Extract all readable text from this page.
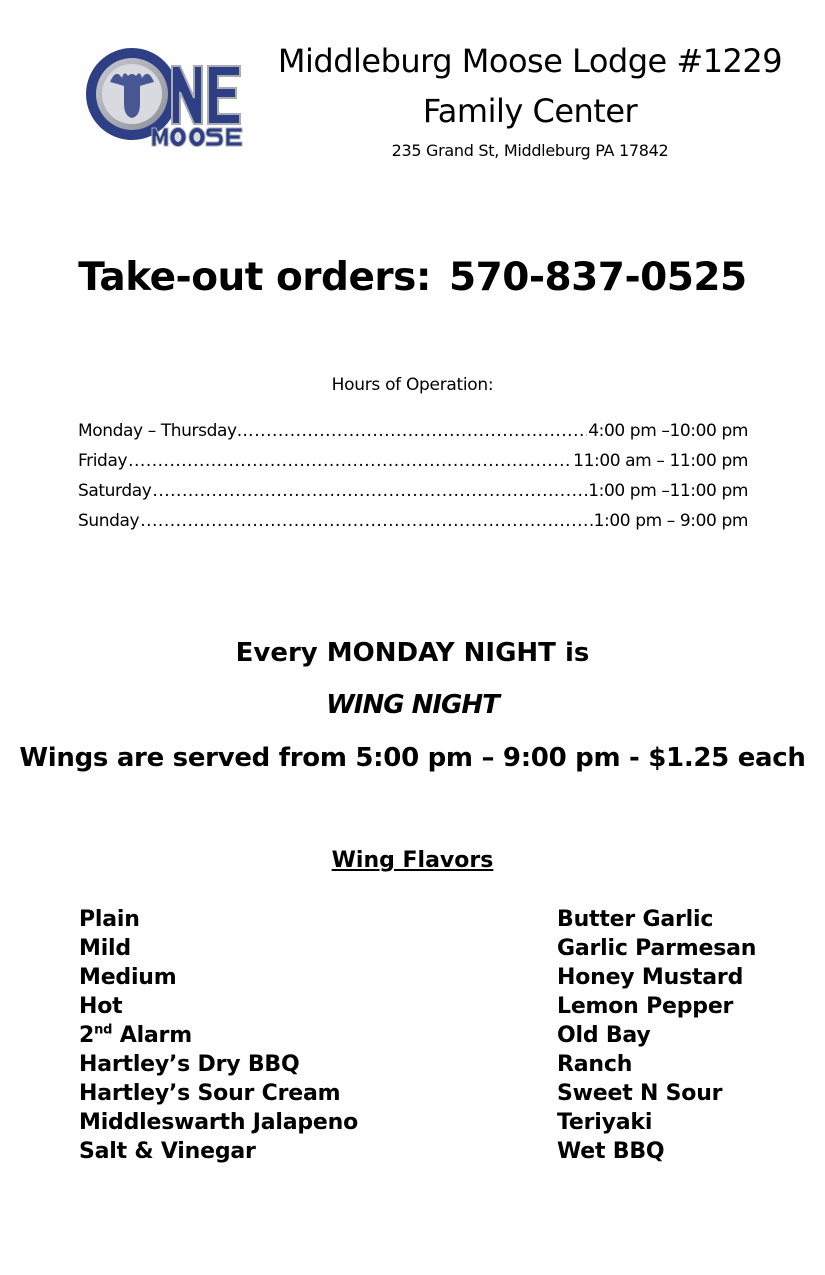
Middleburg Moose Lodge #1229
Family Center
235 Grand St, Middleburg PA 17842
Take-out orders: 570-837-0525
Hours of Operation:
Monday – Thursday… .....	4:00 pm –10:00 pm
Friday .....	11:00 am – 11:00 pm
Saturday .....	1:00 pm –11:00 pm
Sunday .....	1:00 pm – 9:00 pm
Every MONDAY NIGHT is
WING NIGHT
Wings are served from 5:00 pm – 9:00 pm - $1.25 each
Wing Flavors
Plain
Mild
Medium
Hot
2nd Alarm
Hartley’s Dry BBQ
Hartley’s Sour Cream
Middleswarth Jalapeno
Salt & Vinegar
Butter Garlic
Garlic Parmesan
Honey Mustard
Lemon Pepper
Old Bay
Ranch
Sweet N Sour
Teriyaki
Wet BBQ
